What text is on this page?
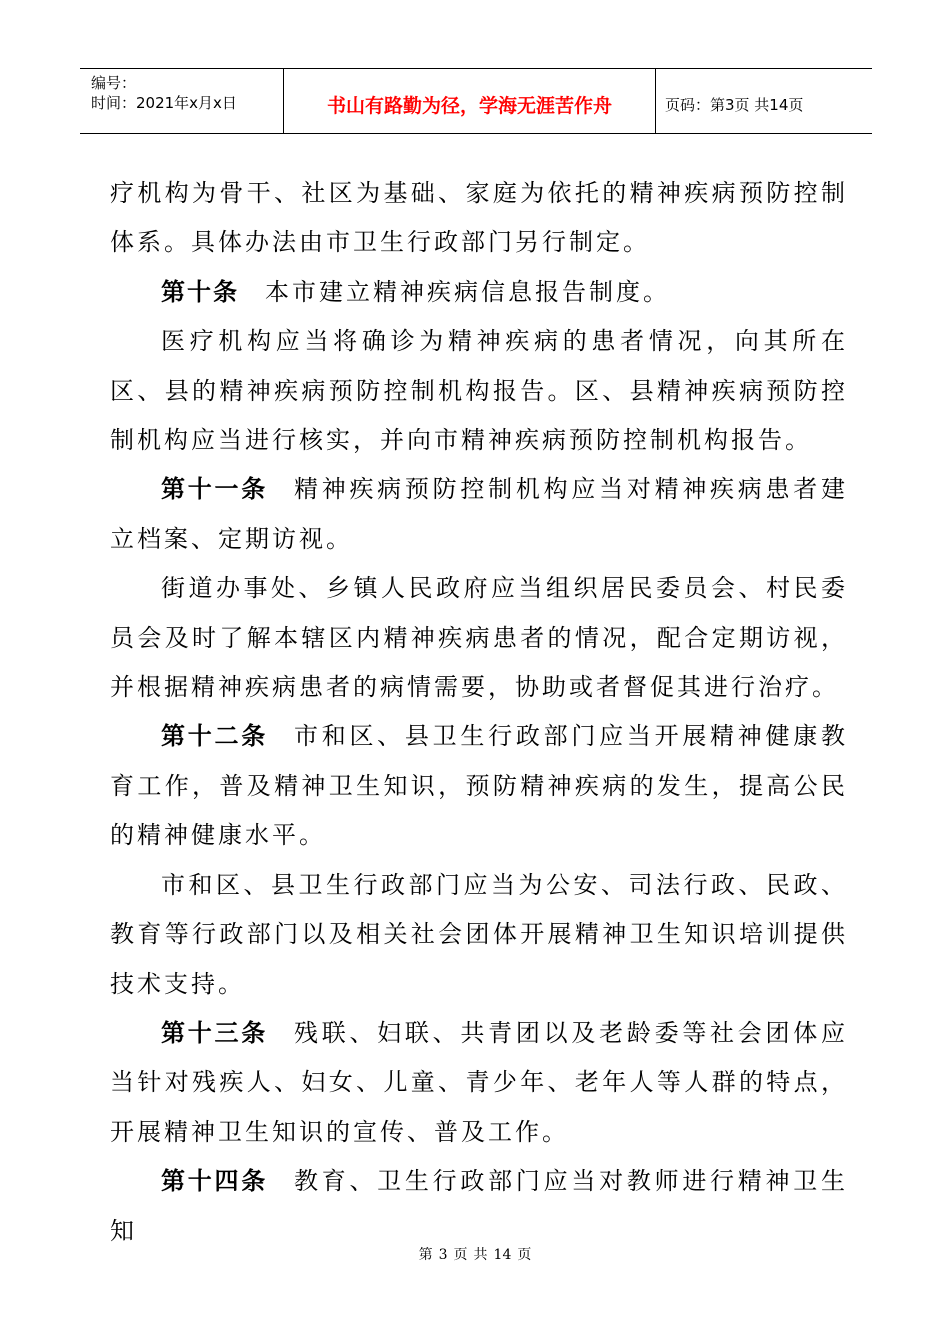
编号：
时间：2021年x月x日	书山有路勤为径，学海无涯苦作舟	页码：第3页 共14页

疗机构为骨干、社区为基础、家庭为依托的精神疾病预防控制体系。具体办法由市卫生行政部门另行制定。

第十条 本市建立精神疾病信息报告制度。

医疗机构应当将确诊为精神疾病的患者情况，向其所在区、县的精神疾病预防控制机构报告。区、县精神疾病预防控制机构应当进行核实，并向市精神疾病预防控制机构报告。

第十一条 精神疾病预防控制机构应当对精神疾病患者建立档案、定期访视。

街道办事处、乡镇人民政府应当组织居民委员会、村民委员会及时了解本辖区内精神疾病患者的情况，配合定期访视，并根据精神疾病患者的病情需要，协助或者督促其进行治疗。

第十二条 市和区、县卫生行政部门应当开展精神健康教育工作，普及精神卫生知识，预防精神疾病的发生，提高公民的精神健康水平。

市和区、县卫生行政部门应当为公安、司法行政、民政、教育等行政部门以及相关社会团体开展精神卫生知识培训提供技术支持。

第十三条 残联、妇联、共青团以及老龄委等社会团体应当针对残疾人、妇女、儿童、青少年、老年人等人群的特点，开展精神卫生知识的宣传、普及工作。

第十四条 教育、卫生行政部门应当对教师进行精神卫生知

第 3 页 共 14 页
